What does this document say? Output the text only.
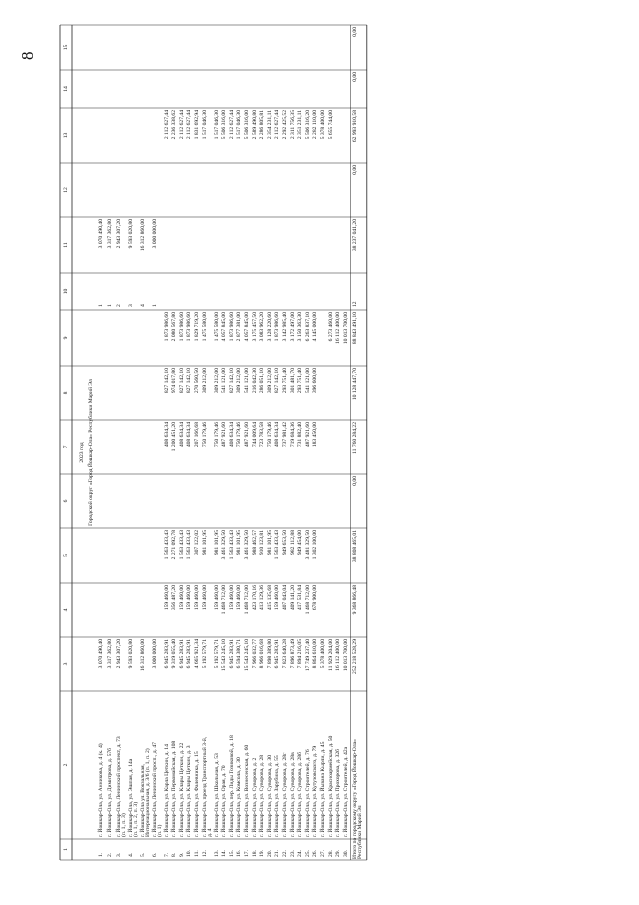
8
1
2
3
4
5
6
7
8
9
10
11
12
13
14
15
2023 год Городской округ «Город Йошкар-Ола» Республики Марий Эл
1.
г. Йошкар-Ола, ул. Анникова, д. 4 (к. 4)
3 070 490,40
1
3 070 490,40
2.
г. Йошкар-Ола, ул. Димитрова, д. 57б
3 317 362,80
1
3 317 362,80
3.
г. Йошкар-Ола, Ленинский проспект, д. 73 (п. 1, п. 3)
2 943 307,20
2
2 943 307,20
4.
г. Йошкар-Ола, ул. Эшпая, д. 14а (п. 1, п. 2, п. 3)
9 593 020,80
3
9 593 020,80
5.
г. Йошкар-Ола ул. Вокзальная, Интернациональная, д. 3/6 (п. 1, п. 2)
16 312 860,00
4
16 312 860,00
6.
г. Йошкар-Ола, Ленинский просп., д. 47 (п. 1)
3 000 000,00
1
3 000 000,00
7.
г. Йошкар-Ола, ул. Карла Цеткин, д. 14
6 945 283,91
159 460,00
1 563 433,43
408 634,34
827 142,10
1 873 986,60
2 112 627,44
8.
г. Йошкар-Ола, ул. Первомайская, д. 108
9 319 055,40
356 487,20
2 271 092,78
1 200 451,20
974 017,80
2 080 567,80
2 236 338,62
9.
г. Йошкар-Ола, ул. Клары Цеткин, д. 22
6 945 283,91
159 460,00
1 563 433,43
408 634,34
827 142,10
1 873 986,60
2 112 627,44
10.
г. Йошкар-Ола, ул. Клары Цеткин, д. 3
6 945 283,91
159 460,00
1 563 433,43
408 634,34
827 142,10
1 873 986,60
2 112 627,44
11.
г. Йошкар-Ола, ул. Фалевника, д. 15
4 665 921,34
159 460,00
307 122,02
207 166,68
270 560,50
1 829 719,20
1 831 692,94
12.
г. Йошкар-Ола, проезд Транспортный 3-й, д. 4
5 192 579,71
159 460,00
981 101,95
750 179,46
309 212,00
1 475 580,00
1 517 046,30
13.
г. Йошкар-Ола, ул. Школьная, д. 53
5 192 579,71
159 460,00
981 101,95
750 179,46
309 212,00
1 475 580,00
1 517 046,30
14.
г. Йошкар-Ола, ул. Орая, д. 70
15 543 245,10
1 468 712,00
3 461 329,50
487 921,60
541 121,00
4 057 845,00
5 506 316,00
15.
г. Йошкар-Ола, пер. Лиды Гозиковой, д. 18
6 945 283,91
159 460,00
1 563 433,43
408 634,34
827 142,10
1 873 986,60
2 112 627,44
16.
г. Йошкар-Ола, ул. Комсола, д. 30
6 594 380,71
159 460,00
981 101,95
750 179,46
309 212,00
2 877 381,00
1 517 046,30
17.
г. Йошкар-Ола, ул. Вознесенская, д. 60
15 543 245,10
1 468 712,00
3 461 329,50
487 921,60
541 121,00
4 057 845,00
5 506 316,00
18.
г. Йошкар-Ола, ул. Суворова, д. 2
7 966 032,77
423 170,16
988 462,57
744 009,64
216 042,30
3 175 457,50
2 589 490,80
19.
г. Йошкар-Ола, ул. Суворова, д. 28
8 966 016,68
413 129,36
910 123,81
723 783,58
286 051,10
3 083 962,20
2 286 805,81
20.
г. Йошкар-Ола, ул. Суворова, д. 30
7 898 389,80
415 135,68
981 101,95
750 179,46
309 212,00
3 128 220,60
2 354 231,11
21.
г. Йошкар-Ола, ул. Зарубина, д. 55
6 945 283,91
159 460,00
1 563 433,43
408 634,34
827 142,10
1 873 986,60
2 112 627,44
22.
г. Йошкар-Ола, ул. Суворова, д. 28г
7 823 640,28
407 043,04
949 653,50
737 981,42
293 751,40
3 142 985,40
2 292 425,52
23.
г. Йошкар-Ола, ул. Суворова, д. 28в
7 896 873,49
409 141,20
982 112,88
719 684,36
301 481,70
3 172 497,00
2 311 756,35
24.
г. Йошкар-Ола, ул. Суворова, д. 28б
7 894 216,05
417 531,84
949 454,00
731 882,40
293 751,40
3 150 363,30
2 351 231,11
25.
г. Йошкар-Ола, ул. Строителей, д. 76
17 749 237,40
1 468 712,00
3 481 329,50
487 921,60
541 121,00
6 263 837,10
5 506 316,20
26.
г. Йошкар-Ола, ул. Кутузовского, д. 79
8 864 610,00
678 900,00
1 302 100,00
183 450,00
396 600,00
4 145 000,00
2 282 110,00
27.
г. Йошкар-Ола, ул. Йывана Кырли, д. 45
5 378 400,00
5 378 400,00
28.
г. Йошкар-Ола, ул. Красноармейская, д. 50
11 929 204,00
6 273 460,00
5 655 744,00
29.
г. Йошкар-Ола, ул. Прохорова, д. 32б
16 112 400,00
16 112 400,00
30.
г. Йошкар-Ола, ул. Строителей, д. 42а
10 013 700,00
10 013 700,00
Итого по городскому округу «Город Йошкар-Ола» Республики Марий Эл
252 218 528,29
9 368 866,48
38 808 465,01
0,00
11 760 284,22
10 128 447,70
88 843 491,10
12
38 237 041,20
0,00
62 993 910,58
0,00
0,00
